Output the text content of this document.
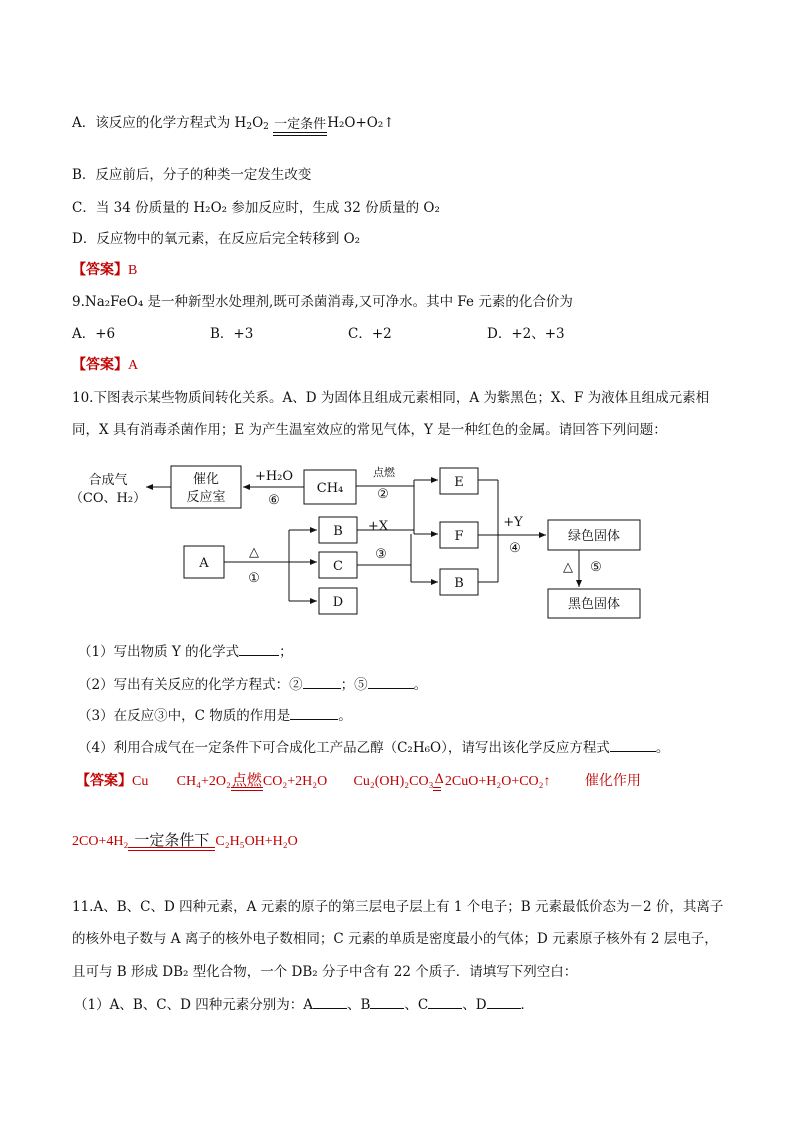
A．该反应的化学方程式为 $H_2O_2$ 一定条件 H₂O+O₂↑
B．反应前后，分子的种类一定发生改变
C．当 34 份质量的 H₂O₂ 参加反应时，生成 32 份质量的 O₂
D．反应物中的氧元素，在反应后完全转移到 O₂
【答案】B
9.Na₂FeO₄ 是一种新型水处理剂,既可杀菌消毒,又可净水。其中 Fe 元素的化合价为
A．+6	B．+3	C．+2	D．+2、+3
【答案】A
10.下图表示某些物质间转化关系。A、D 为固体且组成元素相同，A 为紫黑色；X、F 为液体且组成元素相
同，X 具有消毒杀菌作用；E 为产生温室效应的常见气体，Y 是一种红色的金属。请回答下列问题：
合成气
（CO、H₂）
催化
反应室
+H₂O
⑥
CH₄
点燃
②
E
B +X
F
+Y
④
绿色固体
A
△
①
C
③
D
B
△ ⑤
黑色固体
（1）写出物质 Y 的化学式	；
（2）写出有关反应的化学方程式：②	；⑤	。
（3）在反应③中，C 物质的作用是	。
（4）利用合成气在一定条件下可合成化工产品乙醇（C₂H₆O），请写出该化学反应方程式	。
【答案】Cu CH₄+2O₂ 点燃 CO₂+2H₂O Cu₂(OH)₂CO₃ Δ 2CuO+H₂O+CO₂↑ 催化作用
2CO+4H₂ 一定条件下 C₂H₅OH+H₂O
11.A、B、C、D 四种元素，A 元素的原子的第三层电子层上有 1 个电子；B 元素最低价态为－2 价，其离子
的核外电子数与 A 离子的核外电子数相同；C 元素的单质是密度最小的气体；D 元素原子核外有 2 层电子，
且可与 B 形成 DB₂ 型化合物，一个 DB₂ 分子中含有 22 个质子．请填写下列空白：
（1）A、B、C、D 四种元素分别为：A	、B	、C	、D	．
